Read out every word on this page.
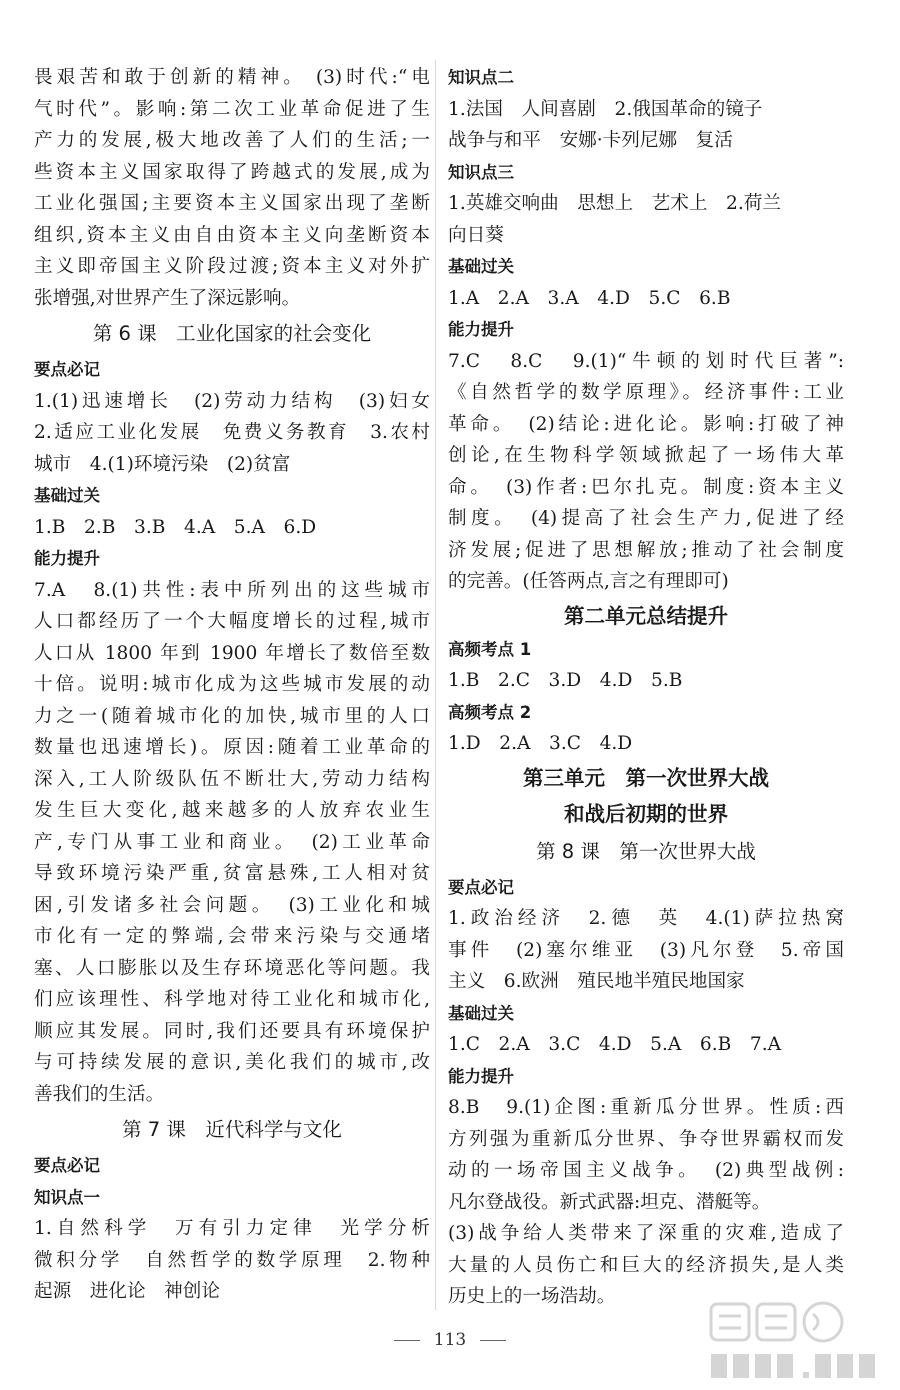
畏艰苦和敢于创新的精神。 (3)时代:“电
气时代”。影响:第二次工业革命促进了生
产力的发展,极大地改善了人们的生活;一
些资本主义国家取得了跨越式的发展,成为
工业化强国;主要资本主义国家出现了垄断
组织,资本主义由自由资本主义向垄断资本
主义即帝国主义阶段过渡;资本主义对外扩
张增强,对世界产生了深远影响。
第 6 课　工业化国家的社会变化
要点必记
1.(1)迅速增长　(2)劳动力结构　(3)妇女
2.适应工业化发展　免费义务教育　3.农村
城市　4.(1)环境污染　(2)贫富
基础过关
1.B　2.B　3.B　4.A　5.A　6.D
能力提升
7.A　8.(1)共性:表中所列出的这些城市
人口都经历了一个大幅度增长的过程,城市
人口从 1800 年到 1900 年增长了数倍至数
十倍。说明:城市化成为这些城市发展的动
力之一(随着城市化的加快,城市里的人口
数量也迅速增长)。原因:随着工业革命的
深入,工人阶级队伍不断壮大,劳动力结构
发生巨大变化,越来越多的人放弃农业生
产,专门从事工业和商业。　(2)工业革命
导致环境污染严重,贫富悬殊,工人相对贫
困,引发诸多社会问题。　(3)工业化和城
市化有一定的弊端,会带来污染与交通堵
塞、人口膨胀以及生存环境恶化等问题。我
们应该理性、科学地对待工业化和城市化,
顺应其发展。同时,我们还要具有环境保护
与可持续发展的意识,美化我们的城市,改
善我们的生活。
第 7 课　近代科学与文化
要点必记
知识点一
1.自然科学　万有引力定律　光学分析
微积分学　自然哲学的数学原理　2.物种
起源　进化论　神创论
知识点二
1.法国　人间喜剧　2.俄国革命的镜子
战争与和平　安娜·卡列尼娜　复活
知识点三
1.英雄交响曲　思想上　艺术上　2.荷兰
向日葵
基础过关
1.A　2.A　3.A　4.D　5.C　6.B
能力提升
7.C　8.C　9.(1)“牛顿的划时代巨著”:
《自然哲学的数学原理》。经济事件:工业
革命。　(2)结论:进化论。影响:打破了神
创论,在生物科学领域掀起了一场伟大革
命。　(3)作者:巴尔扎克。制度:资本主义
制度。　(4)提高了社会生产力,促进了经
济发展;促进了思想解放;推动了社会制度
的完善。(任答两点,言之有理即可)
第二单元总结提升
高频考点 1
1.B　2.C　3.D　4.D　5.B
高频考点 2
1.D　2.A　3.C　4.D
第三单元　第一次世界大战
和战后初期的世界
第 8 课　第一次世界大战
要点必记
1.政治经济　2.德　英　4.(1)萨拉热窝
事件　(2)塞尔维亚　(3)凡尔登　5.帝国
主义　6.欧洲　殖民地半殖民地国家
基础过关
1.C　2.A　3.C　4.D　5.A　6.B　7.A
能力提升
8.B　9.(1)企图:重新瓜分世界。性质:西
方列强为重新瓜分世界、争夺世界霸权而发
动的一场帝国主义战争。　(2)典型战例:
凡尔登战役。新式武器:坦克、潜艇等。
(3)战争给人类带来了深重的灾难,造成了
大量的人员伤亡和巨大的经济损失,是人类
历史上的一场浩劫。
113
